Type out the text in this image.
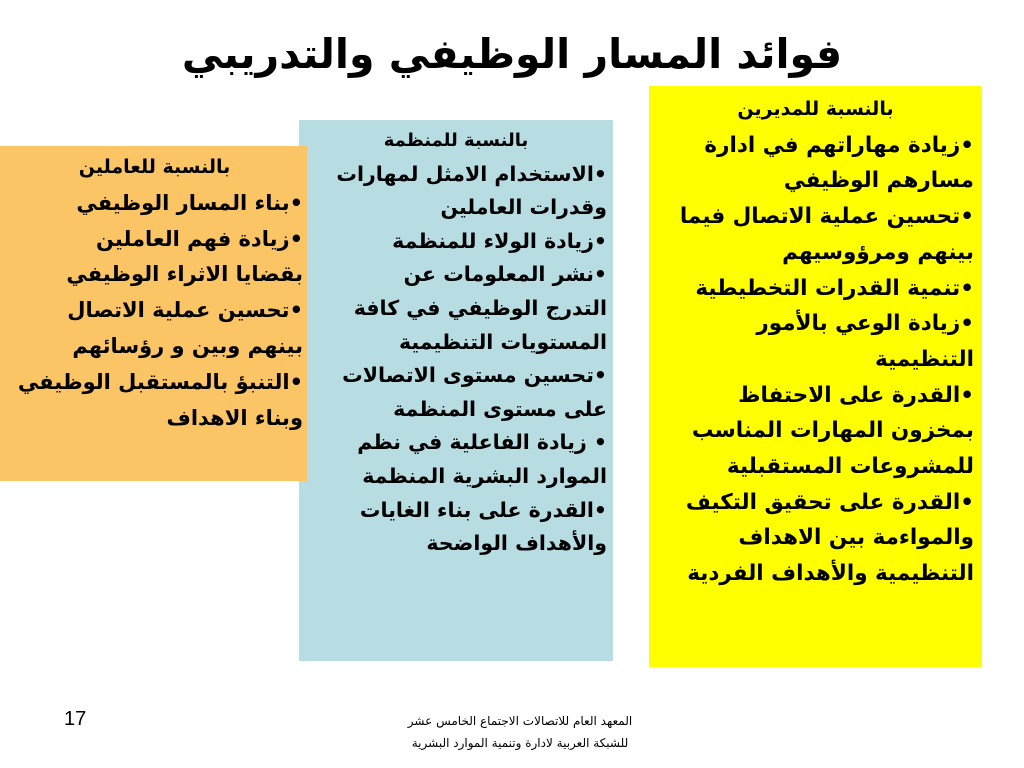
فوائد المسار الوظيفي والتدريبي
بالنسبة للمديرين
•زيادة مهاراتهم في ادارة
مسارهم الوظيفي
•تحسين عملية الاتصال فيما
بينهم ومرؤوسيهم
•تنمية القدرات التخطيطية
•زيادة الوعي بالأمور
التنظيمية
•القدرة على الاحتفاظ
بمخزون المهارات المناسب
للمشروعات المستقبلية
•القدرة على تحقيق التكيف
والمواءمة بين الاهداف
التنظيمية والأهداف الفردية
بالنسبة للمنظمة
•الاستخدام الامثل لمهارات
وقدرات العاملين
•زيادة الولاء للمنظمة
•نشر المعلومات عن
التدرج الوظيفي في كافة
المستويات التنظيمية
•تحسين مستوى الاتصالات
على مستوى المنظمة
• زيادة الفاعلية في نظم
الموارد البشرية المنظمة
•القدرة على بناء الغايات
والأهداف الواضحة
بالنسبة للعاملين
•بناء المسار الوظيفي
•زيادة فهم العاملين
بقضايا الاثراء الوظيفي
•تحسين عملية الاتصال
بينهم وبين و رؤسائهم
•التنبؤ بالمستقبل الوظيفي
وبناء الاهداف
17	المعهد العام للاتصالات الاجتماع الخامس عشر
للشبكة العربية لادارة وتنمية الموارد البشرية
